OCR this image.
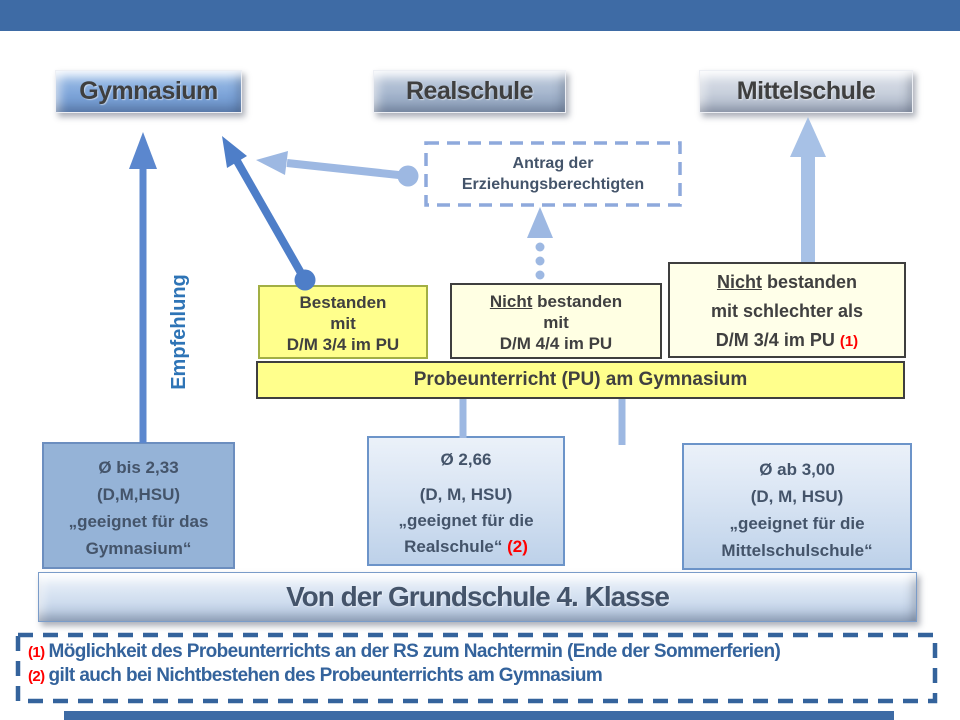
Gymnasium	Realschule	Mittelschule
Antrag der
Erziehungsberechtigten
Empfehlung	Bestanden
mit
D/M 3/4 im PU
Nicht bestanden
mit
D/M 4/4 im PU
Nicht bestanden
mit schlechter als
D/M 3/4 im PU (1)
Probeunterricht (PU) am Gymnasium
Ø bis 2,33
(D,M,HSU)
„geeignet für das
Gymnasium“
Ø 2,66
(D, M, HSU)
„geeignet für die
Realschule“ (2)
Ø ab 3,00
(D, M, HSU)
„geeignet für die
Mittelschulschule“
Von der Grundschule 4. Klasse
(1) Möglichkeit des Probeunterrichts an der RS zum Nachtermin (Ende der Sommerferien)
(2) gilt auch bei Nichtbestehen des Probeunterrichts am Gymnasium
